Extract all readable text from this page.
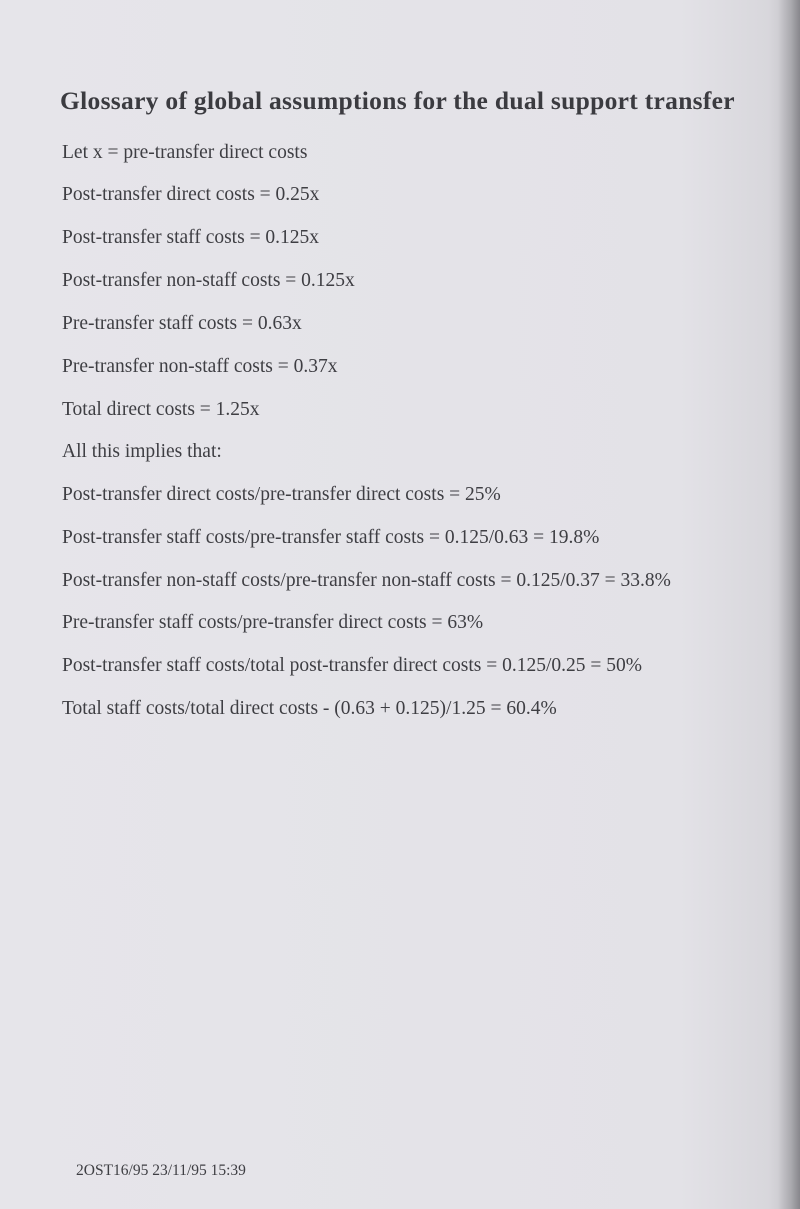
Glossary of global assumptions for the dual support transfer

Let x = pre-transfer direct costs

Post-transfer direct costs = 0.25x

Post-transfer staff costs = 0.125x

Post-transfer non-staff costs = 0.125x

Pre-transfer staff costs = 0.63x

Pre-transfer non-staff costs = 0.37x

Total direct costs = 1.25x

All this implies that:

Post-transfer direct costs/pre-transfer direct costs = 25%

Post-transfer staff costs/pre-transfer staff costs = 0.125/0.63 = 19.8%

Post-transfer non-staff costs/pre-transfer non-staff costs = 0.125/0.37 = 33.8%

Pre-transfer staff costs/pre-transfer direct costs = 63%

Post-transfer staff costs/total post-transfer direct costs = 0.125/0.25 = 50%

Total staff costs/total direct costs - (0.63 + 0.125)/1.25 = 60.4%

2OST16/95 23/11/95 15:39
